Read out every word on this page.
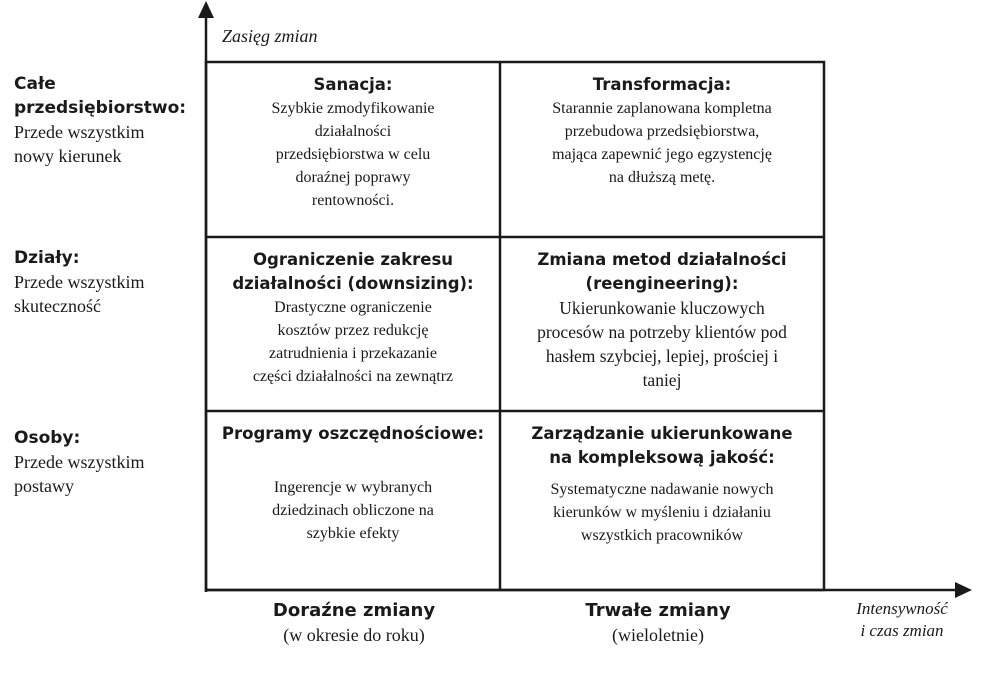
Zasięg zmian
Intensywność
i czas zmian
Całe
przedsiębiorstwo:
Przede wszystkim
nowy kierunek
Działy:
Przede wszystkim
skuteczność
Osoby:
Przede wszystkim
postawy
Sanacja:
Szybkie zmodyfikowanie
działalności
przedsiębiorstwa w celu
doraźnej poprawy
rentowności.
Transformacja:
Starannie zaplanowana kompletna
przebudowa przedsiębiorstwa,
mająca zapewnić jego egzystencję
na dłuższą metę.
Ograniczenie zakresu
działalności (downsizing):
Drastyczne ograniczenie
kosztów przez redukcję
zatrudnienia i przekazanie
części działalności na zewnątrz
Zmiana metod działalności
(reengineering):
Ukierunkowanie kluczowych
procesów na potrzeby klientów pod
hasłem szybciej, lepiej, prościej i
taniej
Programy oszczędnościowe:
Ingerencje w wybranych
dziedzinach obliczone na
szybkie efekty
Zarządzanie ukierunkowane
na kompleksową jakość:
Systematyczne nadawanie nowych
kierunków w myśleniu i działaniu
wszystkich pracowników
Doraźne zmiany
(w okresie do roku)
Trwałe zmiany
(wieloletnie)
